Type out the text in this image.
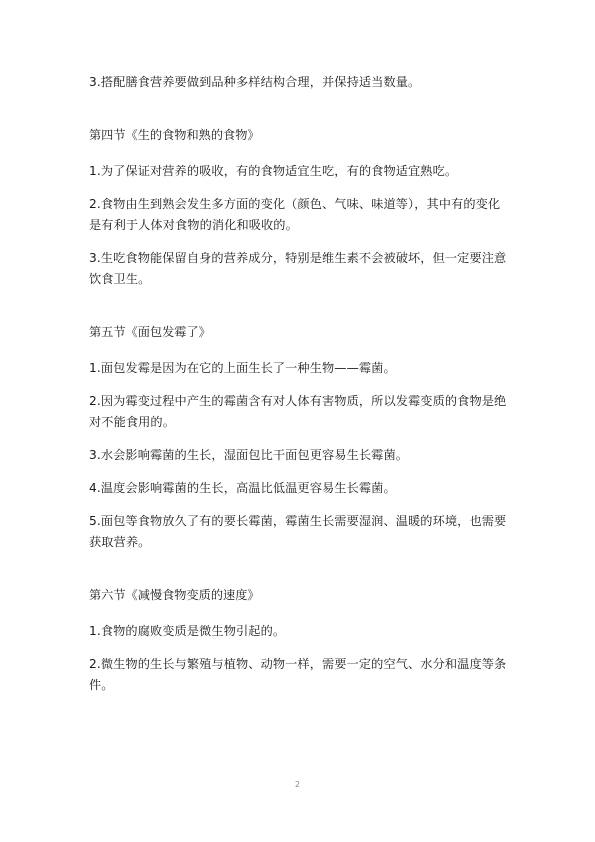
3.搭配膳食营养要做到品种多样结构合理，并保持适当数量。

第四节《生的食物和熟的食物》

1.为了保证对营养的吸收，有的食物适宜生吃，有的食物适宜熟吃。

2.食物由生到熟会发生多方面的变化（颜色、气味、味道等），其中有的变化是有利于人体对食物的消化和吸收的。

3.生吃食物能保留自身的营养成分，特别是维生素不会被破坏，但一定要注意饮食卫生。

第五节《面包发霉了》

1.面包发霉是因为在它的上面生长了一种生物——霉菌。

2.因为霉变过程中产生的霉菌含有对人体有害物质，所以发霉变质的食物是绝对不能食用的。

3.水会影响霉菌的生长，湿面包比干面包更容易生长霉菌。

4.温度会影响霉菌的生长，高温比低温更容易生长霉菌。

5.面包等食物放久了有的要长霉菌，霉菌生长需要湿润、温暖的环境，也需要获取营养。

第六节《减慢食物变质的速度》

1.食物的腐败变质是微生物引起的。

2.微生物的生长与繁殖与植物、动物一样，需要一定的空气、水分和温度等条件。

2
